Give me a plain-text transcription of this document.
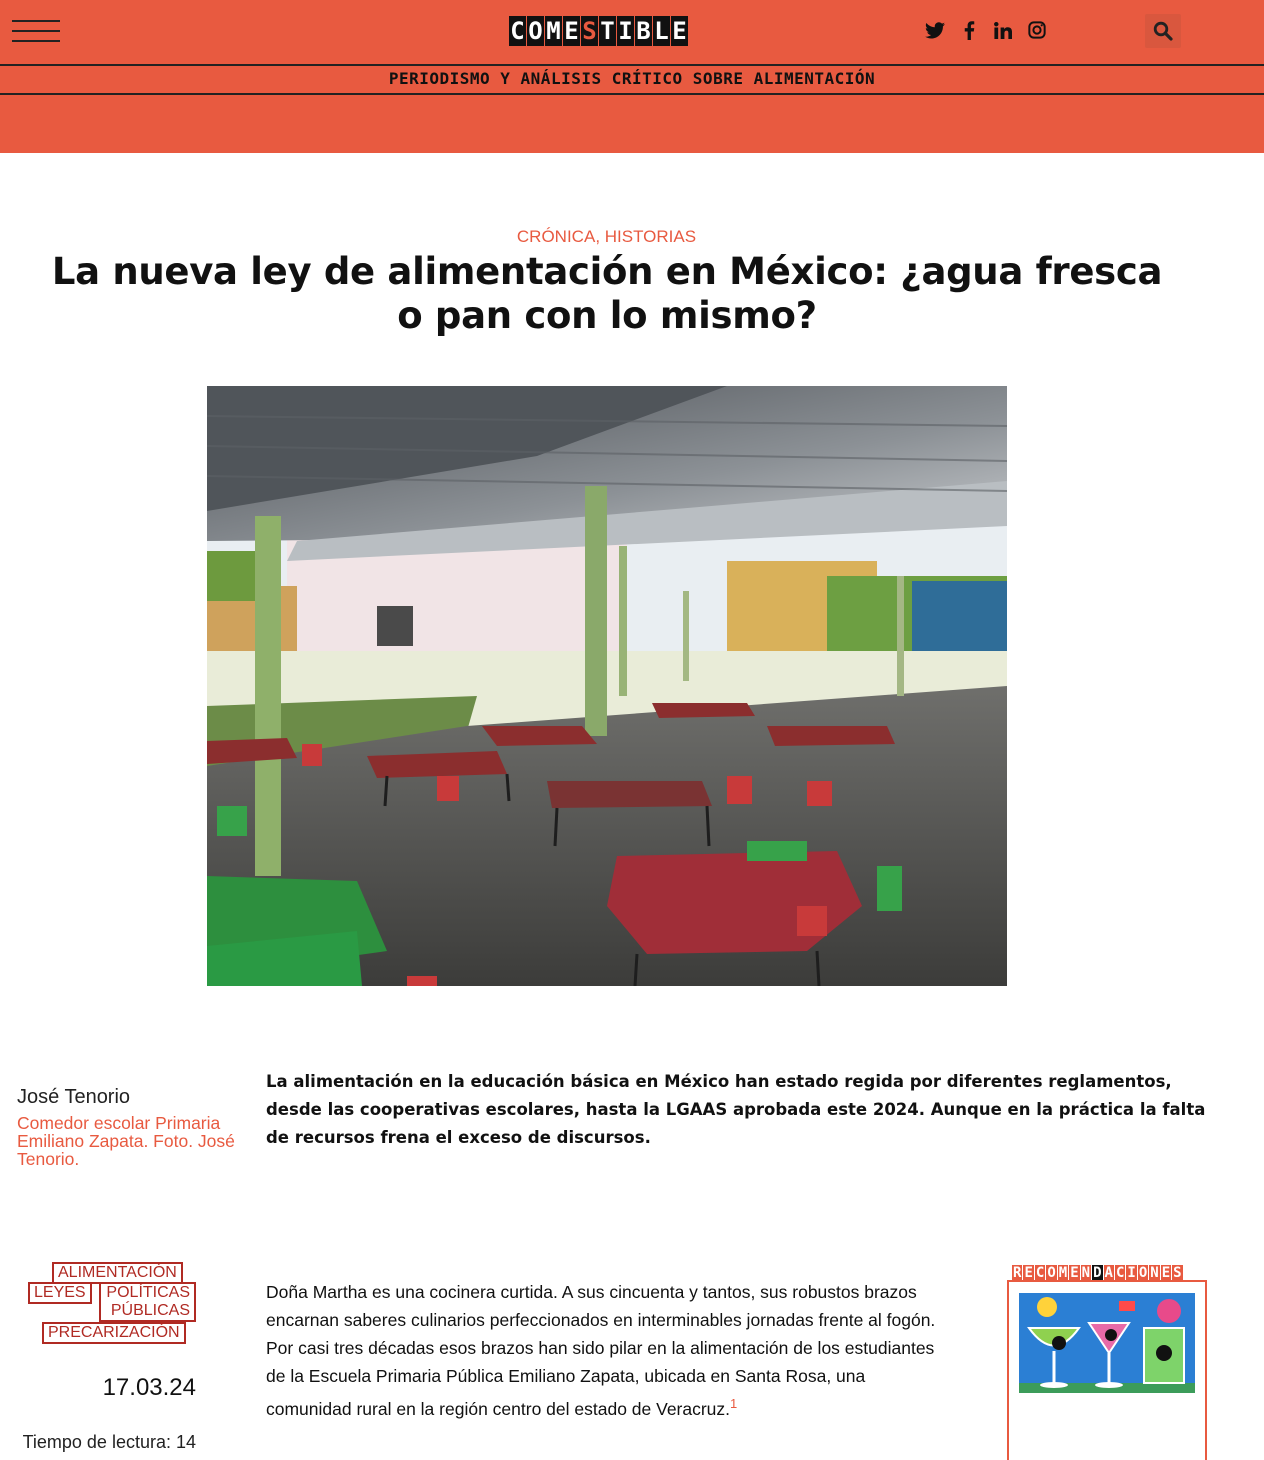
C O M E S T I B L E
PERIODISMO Y ANÁLISIS CRÍTICO SOBRE ALIMENTACIÓN
CRÓNICA, HISTORIAS
La nueva ley de alimentación en México: ¿agua fresca o pan con lo mismo?
José Tenorio
Comedor escolar Primaria Emiliano Zapata. Foto. José Tenorio.

La alimentación en la educación básica en México han estado regida por diferentes reglamentos, desde las cooperativas escolares, hasta la LGAAS aprobada este 2024. Aunque en la práctica la falta de recursos frena el exceso de discursos.

ALIMENTACIÓN
LEYES	POLÍTICAS PÚBLICAS
PRECARIZACIÓN
17.03.24
Tiempo de lectura: 14

Doña Martha es una cocinera curtida. A sus cincuenta y tantos, sus robustos brazos encarnan saberes culinarios perfeccionados en interminables jornadas frente al fogón. Por casi tres décadas esos brazos han sido pilar en la alimentación de los estudiantes de la Escuela Primaria Pública Emiliano Zapata, ubicada en Santa Rosa, una comunidad rural en la región centro del estado de Veracruz.$^1$

R E C O M E N D A C I O N E S
